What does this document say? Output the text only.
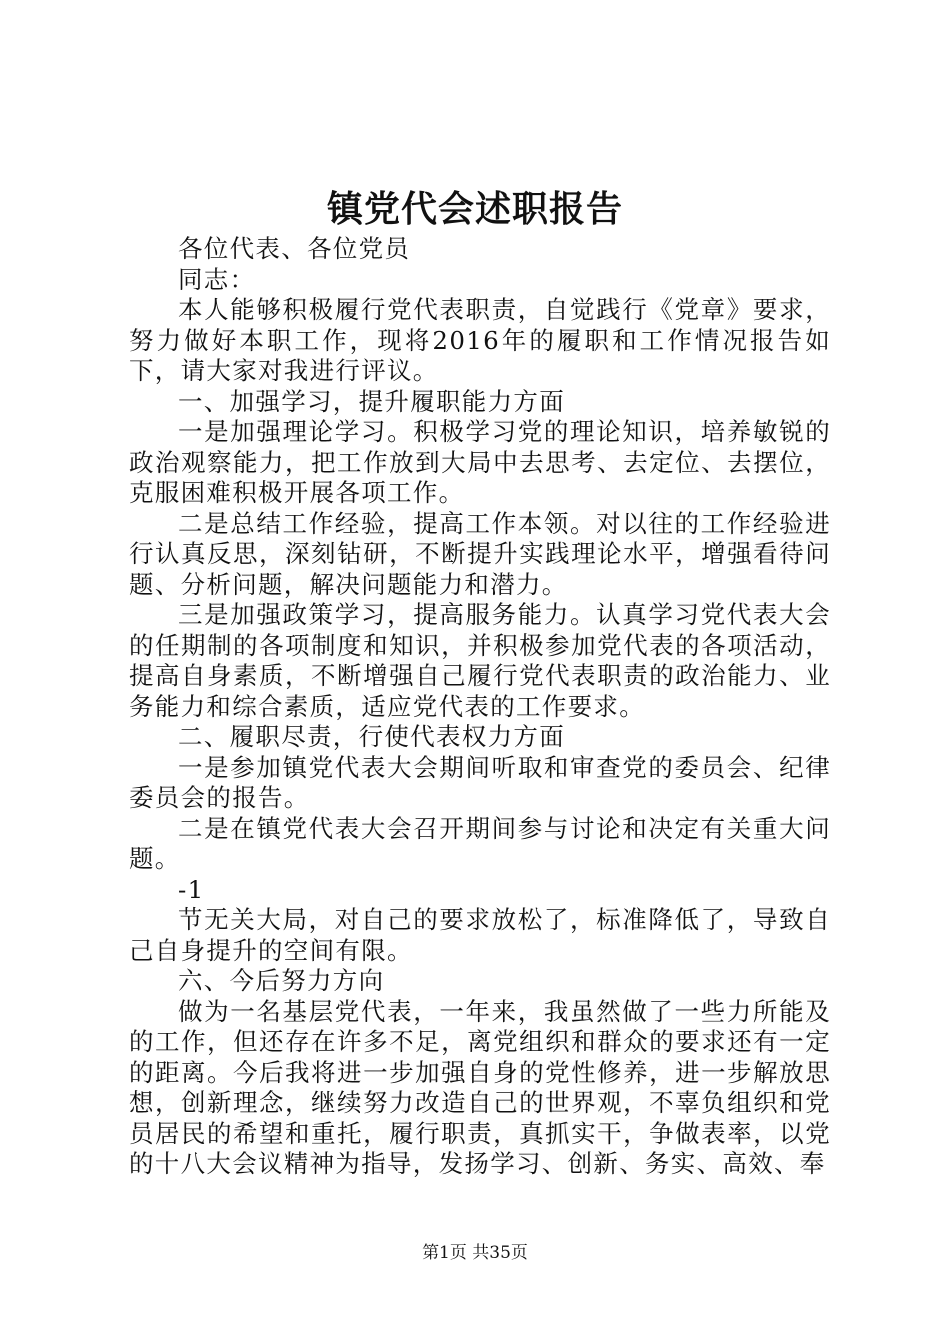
镇党代会述职报告

各位代表、各位党员

同志：

本人能够积极履行党代表职责，自觉践行《党章》要求，努力做好本职工作，现将2016年的履职和工作情况报告如下，请大家对我进行评议。

一、加强学习，提升履职能力方面

一是加强理论学习。积极学习党的理论知识，培养敏锐的政治观察能力，把工作放到大局中去思考、去定位、去摆位，克服困难积极开展各项工作。

二是总结工作经验，提高工作本领。对以往的工作经验进行认真反思，深刻钻研，不断提升实践理论水平，增强看待问题、分析问题，解决问题能力和潜力。

三是加强政策学习，提高服务能力。认真学习党代表大会的任期制的各项制度和知识，并积极参加党代表的各项活动，提高自身素质，不断增强自己履行党代表职责的政治能力、业务能力和综合素质，适应党代表的工作要求。

二、履职尽责，行使代表权力方面

一是参加镇党代表大会期间听取和审查党的委员会、纪律委员会的报告。

二是在镇党代表大会召开期间参与讨论和决定有关重大问题。

-1

节无关大局，对自己的要求放松了，标准降低了，导致自己自身提升的空间有限。

六、今后努力方向

做为一名基层党代表，一年来，我虽然做了一些力所能及的工作，但还存在许多不足，离党组织和群众的要求还有一定的距离。今后我将进一步加强自身的党性修养，进一步解放思想，创新理念，继续努力改造自己的世界观，不辜负组织和党员居民的希望和重托，履行职责，真抓实干，争做表率，以党的十八大会议精神为指导，发扬学习、创新、务实、高效、奉

第1页 共35页
